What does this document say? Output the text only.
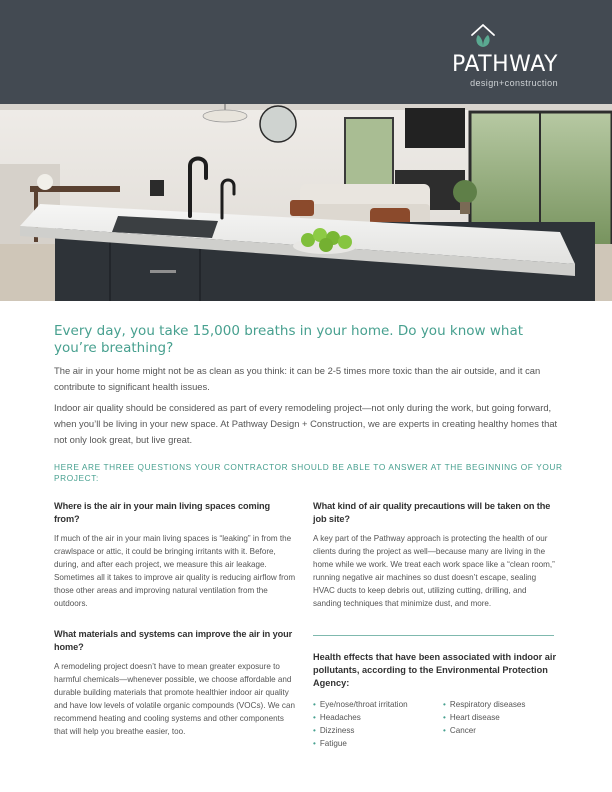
PATHWAY
design+construction
Every day, you take 15,000 breaths in your home. Do you know what you’re breathing?

The air in your home might not be as clean as you think: it can be 2-5 times more toxic than the air outside, and it can contribute to significant health issues.

Indoor air quality should be considered as part of every remodeling project—not only during the work, but going forward, when you’ll be living in your new space. At Pathway Design + Construction, we are experts in creating healthy homes that not only look great, but live great.

HERE ARE THREE QUESTIONS YOUR CONTRACTOR SHOULD BE ABLE TO ANSWER AT THE BEGINNING OF YOUR PROJECT:
Where is the air in your main living spaces coming from?
If much of the air in your main living spaces is “leaking” in from the crawlspace or attic, it could be bringing irritants with it. Before, during, and after each project, we measure this air leakage. Sometimes all it takes to improve air quality is reducing airflow from those other areas and improving natural ventilation from the outdoors.
What materials and systems can improve the air in your home?
A remodeling project doesn’t have to mean greater exposure to harmful chemicals—whenever possible, we choose affordable and durable building materials that promote healthier indoor air quality and have low levels of volatile organic compounds (VOCs). We can recommend heating and cooling systems and other components that will help you breathe easier, too.
What kind of air quality precautions will be taken on the job site?
A key part of the Pathway approach is protecting the health of our clients during the project as well—because many are living in the home while we work. We treat each work space like a “clean room,” running negative air machines so dust doesn’t escape, sealing HVAC ducts to keep debris out, utilizing cutting, drilling, and sanding techniques that minimize dust, and more.
Health effects that have been associated with indoor air pollutants, according to the Environmental Protection Agency:
• Eye/nose/throat irritation	• Respiratory diseases
• Headaches	• Heart disease
• Dizziness	• Cancer
• Fatigue
